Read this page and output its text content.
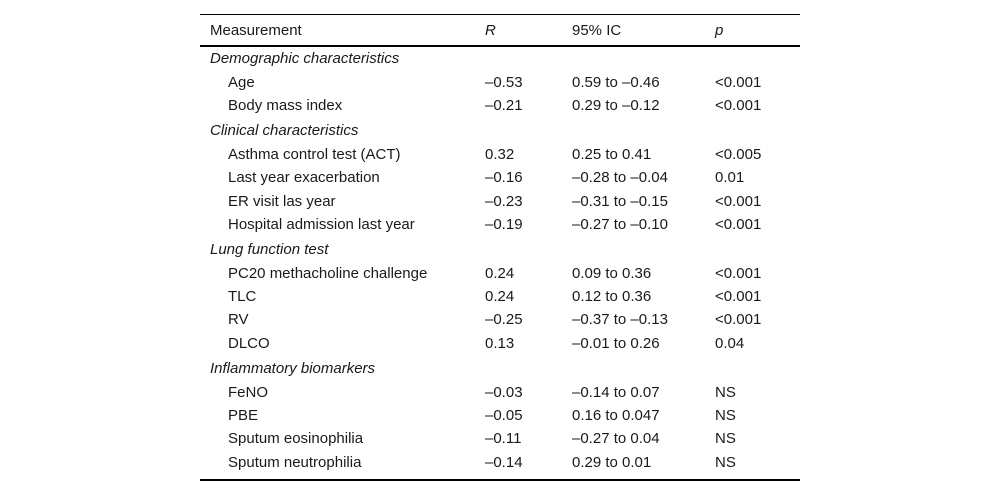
Measurement	R	95% IC	p
Demographic characteristics
Age	–0.53	0.59 to –0.46	<0.001
Body mass index	–0.21	0.29 to –0.12	<0.001
Clinical characteristics
Asthma control test (ACT)	0.32	0.25 to 0.41	<0.005
Last year exacerbation	–0.16	–0.28 to –0.04	0.01
ER visit las year	–0.23	–0.31 to –0.15	<0.001
Hospital admission last year	–0.19	–0.27 to –0.10	<0.001
Lung function test
PC20 methacholine challenge	0.24	0.09 to 0.36	<0.001
TLC	0.24	0.12 to 0.36	<0.001
RV	–0.25	–0.37 to –0.13	<0.001
DLCO	0.13	–0.01 to 0.26	0.04
Inflammatory biomarkers
FeNO	–0.03	–0.14 to 0.07	NS
PBE	–0.05	0.16 to 0.047	NS
Sputum eosinophilia	–0.11	–0.27 to 0.04	NS
Sputum neutrophilia	–0.14	0.29 to 0.01	NS
